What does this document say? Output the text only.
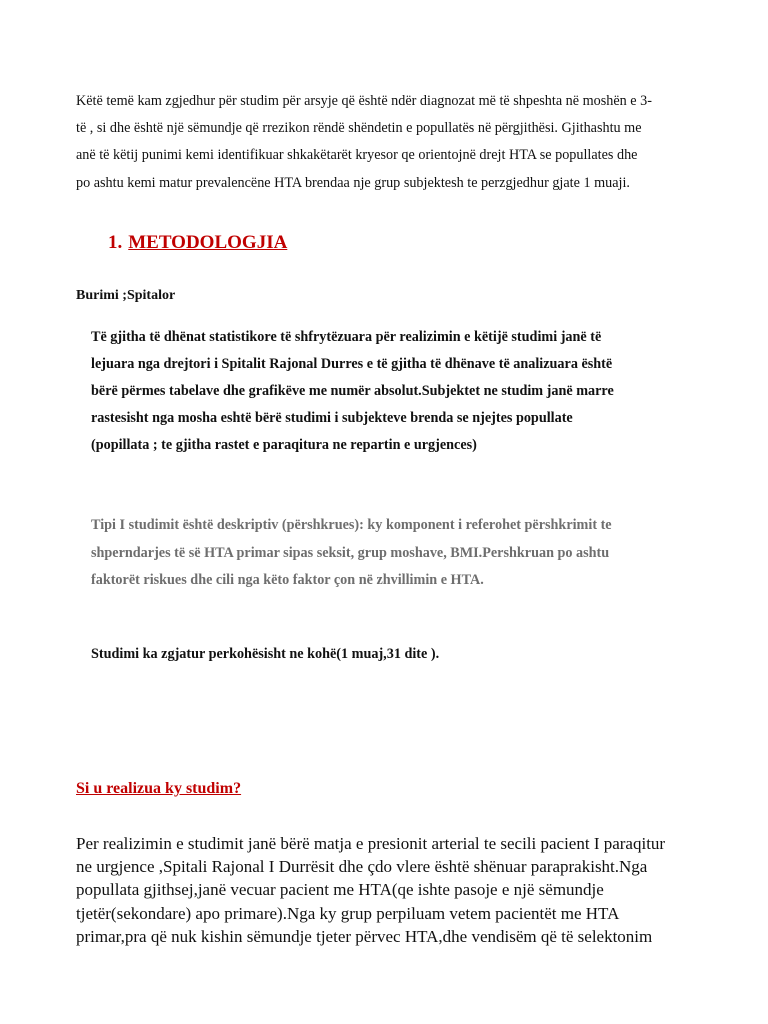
Këtë temë kam zgjedhur për studim për arsyje që është ndër diagnozat më të shpeshta në moshën e 3-
të , si dhe është një sëmundje që rrezikon rëndë shëndetin e popullatës në përgjithësi. Gjithashtu me
anë të këtij punimi kemi identifikuar shkakëtarët kryesor qe orientojnë drejt HTA se popullates dhe
po ashtu kemi matur prevalencëne HTA brendaa nje grup subjektesh te perzgjedhur gjate 1 muaji.

1. METODOLOGJIA

Burimi ;Spitalor

Të gjitha të dhënat statistikore të shfrytëzuara për realizimin e këtijë studimi janë të
lejuara nga drejtori i Spitalit Rajonal Durres e të gjitha të dhënave të analizuara është
bërë përmes tabelave dhe grafikëve me numër absolut.Subjektet ne studim janë marre
rastesisht nga mosha eshtë bërë studimi i subjekteve brenda se njejtes popullate
(popillata ; te gjitha rastet e paraqitura ne repartin e urgjences)

Tipi I studimit është deskriptiv (përshkrues): ky komponent i referohet përshkrimit te
shperndarjes të së HTA primar sipas seksit, grup moshave, BMI.Pershkruan po ashtu
faktorët riskues dhe cili nga këto faktor çon në zhvillimin e HTA.

Studimi ka zgjatur perkohësisht ne kohë(1 muaj,31 dite ).

Si u realizua ky studim?

Per realizimin e studimit janë bërë matja e presionit arterial te secili pacient I paraqitur
ne urgjence ,Spitali Rajonal I Durrësit dhe çdo vlere është shënuar paraprakisht.Nga
popullata gjithsej,janë vecuar pacient me HTA(qe ishte pasoje e një sëmundje
tjetër(sekondare) apo primare).Nga ky grup perpiluam vetem pacientët me HTA
primar,pra që nuk kishin sëmundje tjeter përvec HTA,dhe vendisëm që të selektonim
